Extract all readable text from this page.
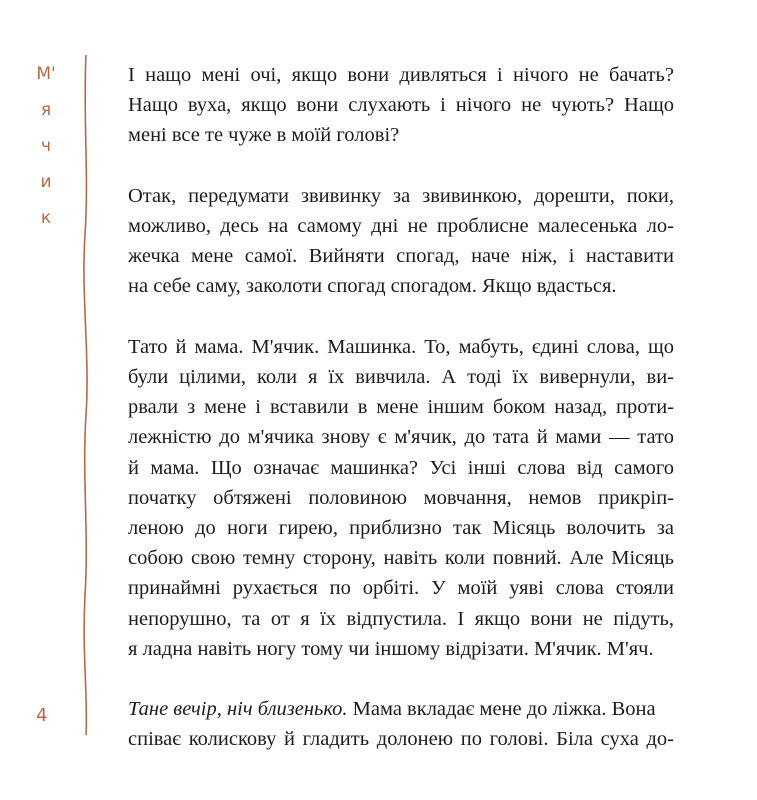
М'
я
ч
и
к
4

І нащо мені очі, якщо вони дивляться і нічого не бачать?
Нащо вуха, якщо вони слухають і нічого не чують? Нащо
мені все те чуже в моїй голові?

Отак, передумати звивинку за звивинкою, дорешти, поки,
можливо, десь на самому дні не проблисне малесенька ло-
жечка мене самої. Вийняти спогад, наче ніж, і наставити
на себе саму, заколоти спогад спогадом. Якщо вдасться.

Тато й мама. М'ячик. Машинка. То, мабуть, єдині слова, що
були цілими, коли я їх вивчила. А тоді їх вивернули, ви-
рвали з мене і вставили в мене іншим боком назад, проти-
лежністю до м'ячика знову є м'ячик, до тата й мами — тато
й мама. Що означає машинка? Усі інші слова від самого
початку обтяжені половиною мовчання, немов прикріп-
леною до ноги гирею, приблизно так Місяць волочить за
собою свою темну сторону, навіть коли повний. Але Місяць
принаймні рухається по орбіті. У моїй уяві слова стояли
непорушно, та от я їх відпустила. І якщо вони не підуть,
я ладна навіть ногу тому чи іншому відрізати. М'ячик. М'яч.

Тане вечір, ніч близенько. Мама вкладає мене до ліжка. Вона
співає колискову й гладить долонею по голові. Біла суха до-
